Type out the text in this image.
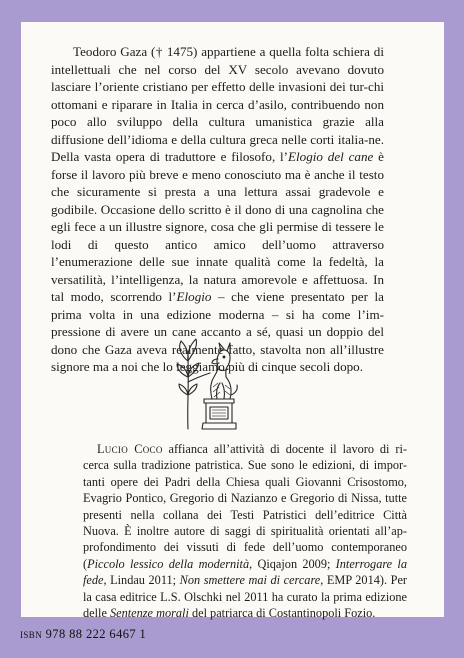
Teodoro Gaza († 1475) appartiene a quella folta schiera di intellettuali che nel corso del XV secolo avevano dovuto lasciare l’oriente cristiano per effetto delle invasioni dei tur-chi ottomani e riparare in Italia in cerca d’asilo, contribuendo non poco allo sviluppo della cultura umanistica grazie alla diffusione dell’idioma e della cultura greca nelle corti italia-ne. Della vasta opera di traduttore e filosofo, l’Elogio del cane è forse il lavoro più breve e meno conosciuto ma è anche il testo che sicuramente si presta a una lettura assai gradevole e godibile. Occasione dello scritto è il dono di una cagnolina che egli fece a un illustre signore, cosa che gli permise di tessere le lodi di questo antico amico dell’uomo attraverso l’enumerazione delle sue innate qualità come la fedeltà, la versatilità, l’intelligenza, la natura amorevole e affettuosa. In tal modo, scorrendo l’Elogio – che viene presentato per la prima volta in una edizione moderna – si ha come l’im-pressione di avere un cane accanto a sé, quasi un doppio del dono che Gaza aveva realmente fatto, stavolta non all’illustre signore ma a noi che lo leggiamo più di cinque secoli dopo.

Lucio Coco affianca all’attività di docente il lavoro di ri-cerca sulla tradizione patristica. Sue sono le edizioni, di impor-tanti opere dei Padri della Chiesa quali Giovanni Crisostomo, Evagrio Pontico, Gregorio di Nazianzo e Gregorio di Nissa, tutte presenti nella collana dei Testi Patristici dell’editrice Città Nuova. È inoltre autore di saggi di spiritualità orientati all’ap-profondimento dei vissuti di fede dell’uomo contemporaneo (Piccolo lessico della modernità, Qiqajon 2009; Interrogare la fede, Lindau 2011; Non smettere mai di cercare, EMP 2014). Per la casa editrice L.S. Olschki nel 2011 ha curato la prima edizione delle Sentenze morali del patriarca di Costantinopoli Fozio.

isbn 978 88 222 6467 1
